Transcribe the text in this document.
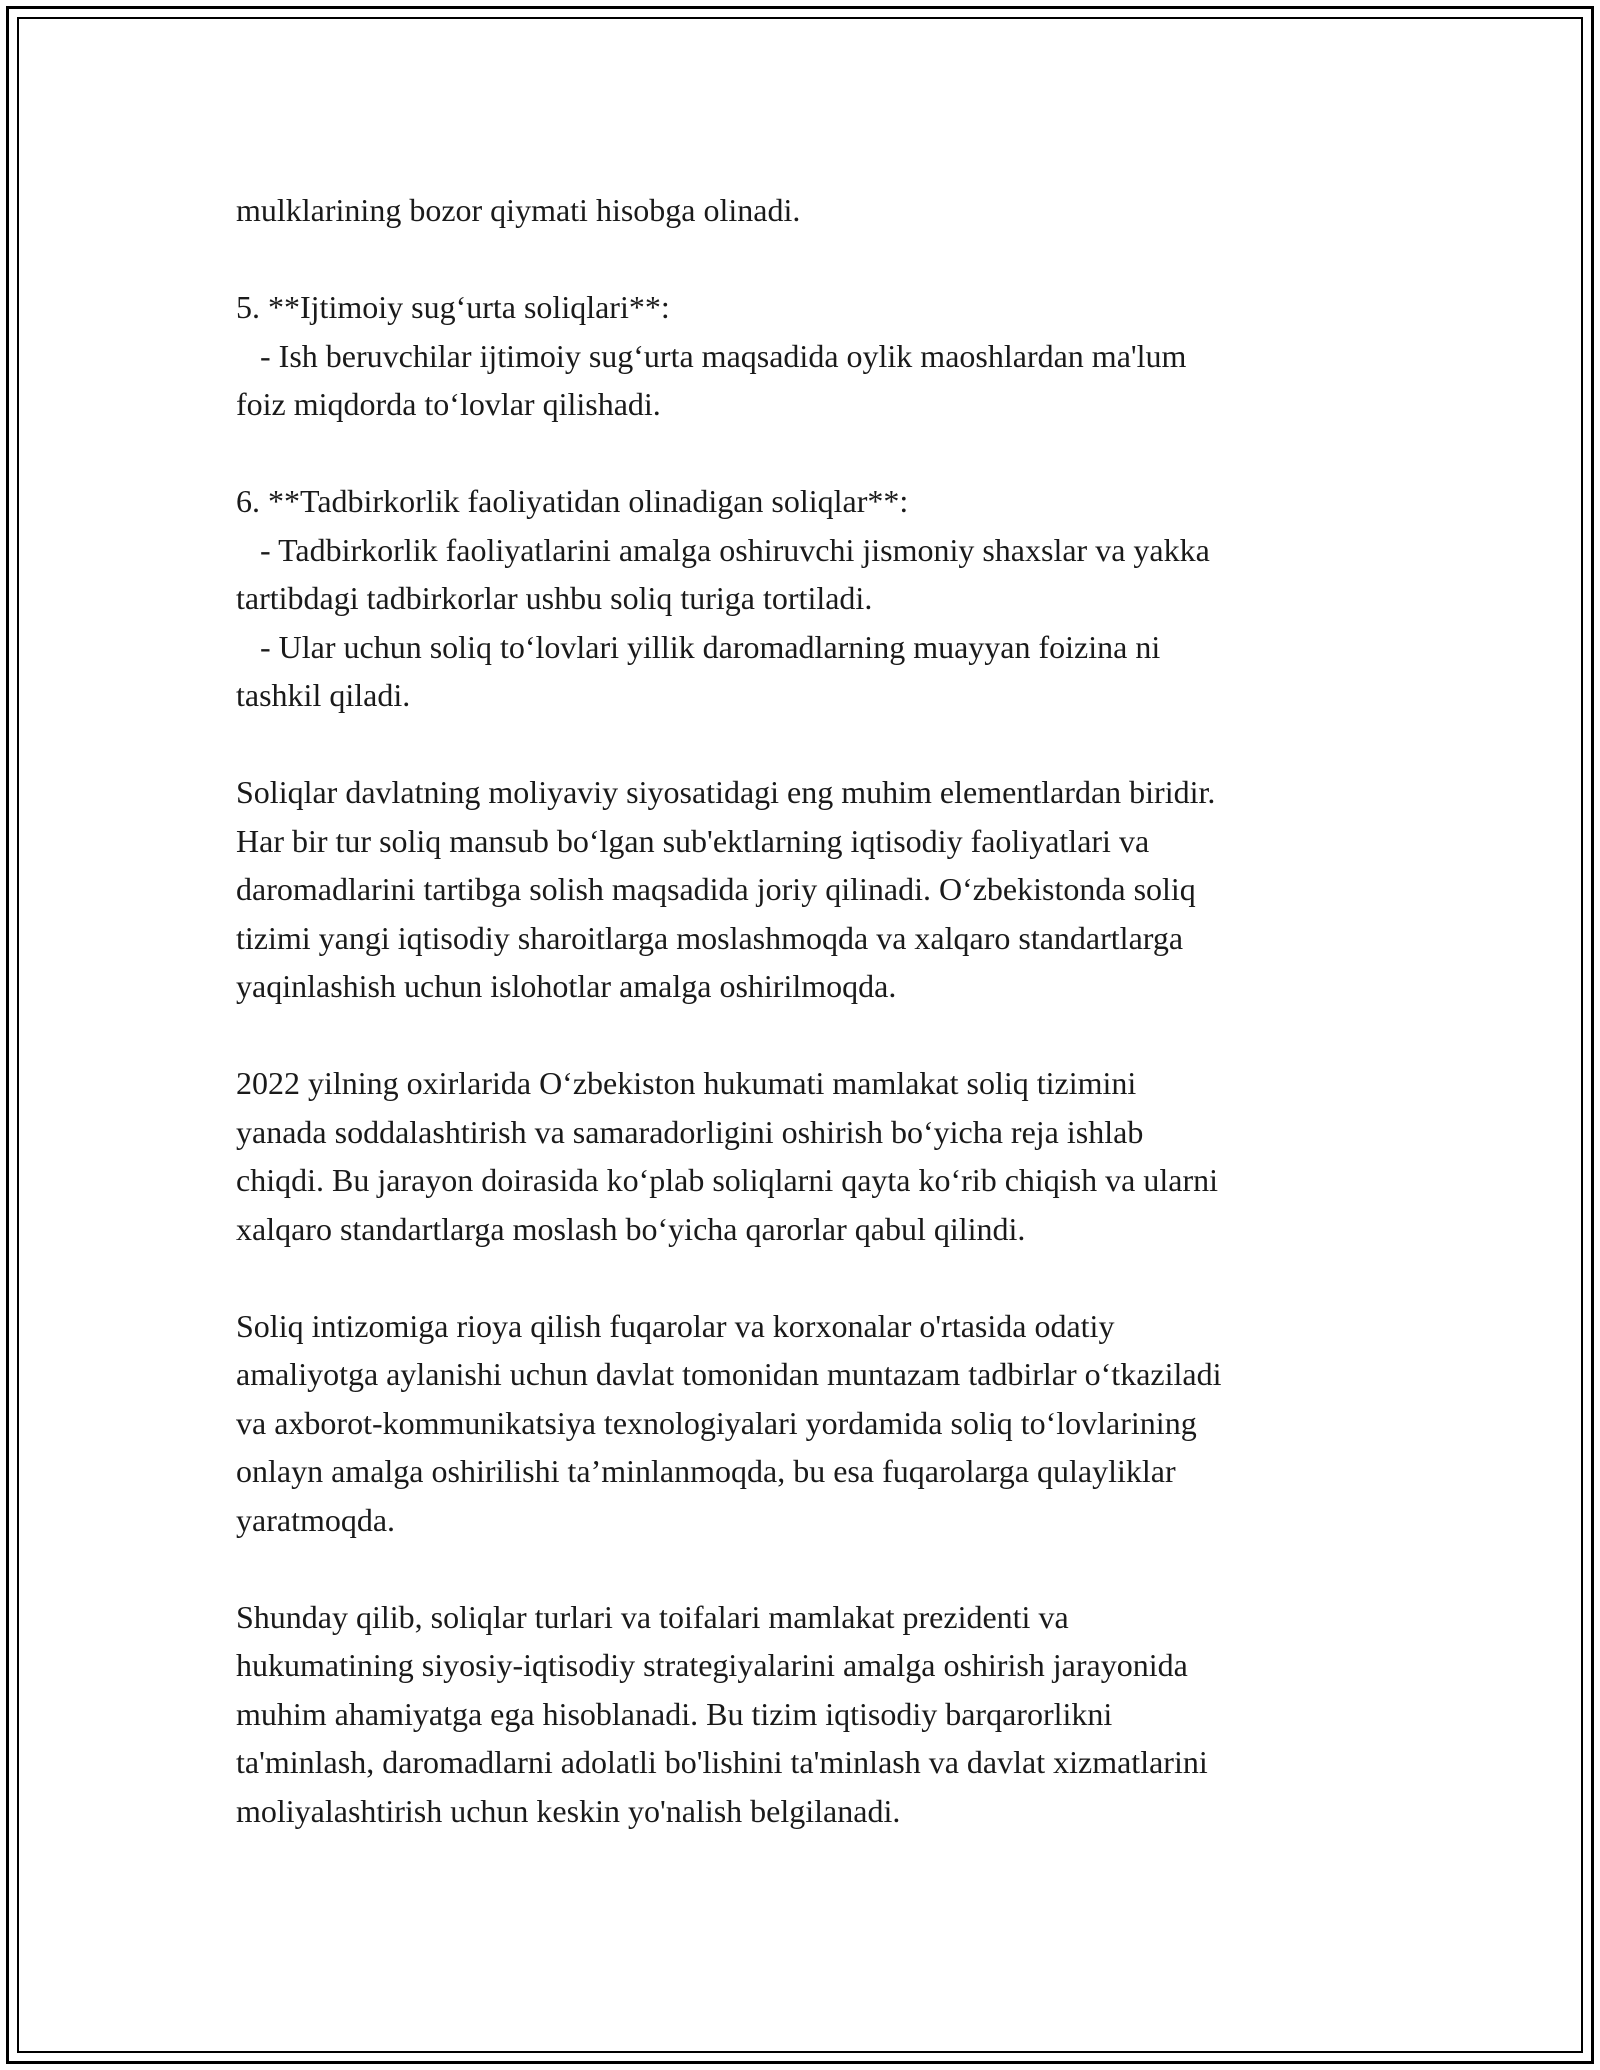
mulklarining bozor qiymati hisobga olinadi.

5. **Ijtimoiy sug‘urta soliqlari**:
- Ish beruvchilar ijtimoiy sug‘urta maqsadida oylik maoshlardan ma'lum
foiz miqdorda to‘lovlar qilishadi.

6. **Tadbirkorlik faoliyatidan olinadigan soliqlar**:
- Tadbirkorlik faoliyatlarini amalga oshiruvchi jismoniy shaxslar va yakka
tartibdagi tadbirkorlar ushbu soliq turiga tortiladi.
- Ular uchun soliq to‘lovlari yillik daromadlarning muayyan foizina ni
tashkil qiladi.

Soliqlar davlatning moliyaviy siyosatidagi eng muhim elementlardan biridir.
Har bir tur soliq mansub bo‘lgan sub'ektlarning iqtisodiy faoliyatlari va
daromadlarini tartibga solish maqsadida joriy qilinadi. O‘zbekistonda soliq
tizimi yangi iqtisodiy sharoitlarga moslashmoqda va xalqaro standartlarga
yaqinlashish uchun islohotlar amalga oshirilmoqda.

2022 yilning oxirlarida O‘zbekiston hukumati mamlakat soliq tizimini
yanada soddalashtirish va samaradorligini oshirish bo‘yicha reja ishlab
chiqdi. Bu jarayon doirasida ko‘plab soliqlarni qayta ko‘rib chiqish va ularni
xalqaro standartlarga moslash bo‘yicha qarorlar qabul qilindi.

Soliq intizomiga rioya qilish fuqarolar va korxonalar o'rtasida odatiy
amaliyotga aylanishi uchun davlat tomonidan muntazam tadbirlar o‘tkaziladi
va axborot-kommunikatsiya texnologiyalari yordamida soliq to‘lovlarining
onlayn amalga oshirilishi ta’minlanmoqda, bu esa fuqarolarga qulayliklar
yaratmoqda.

Shunday qilib, soliqlar turlari va toifalari mamlakat prezidenti va
hukumatining siyosiy-iqtisodiy strategiyalarini amalga oshirish jarayonida
muhim ahamiyatga ega hisoblanadi. Bu tizim iqtisodiy barqarorlikni
ta'minlash, daromadlarni adolatli bo'lishini ta'minlash va davlat xizmatlarini
moliyalashtirish uchun keskin yo'nalish belgilanadi.
